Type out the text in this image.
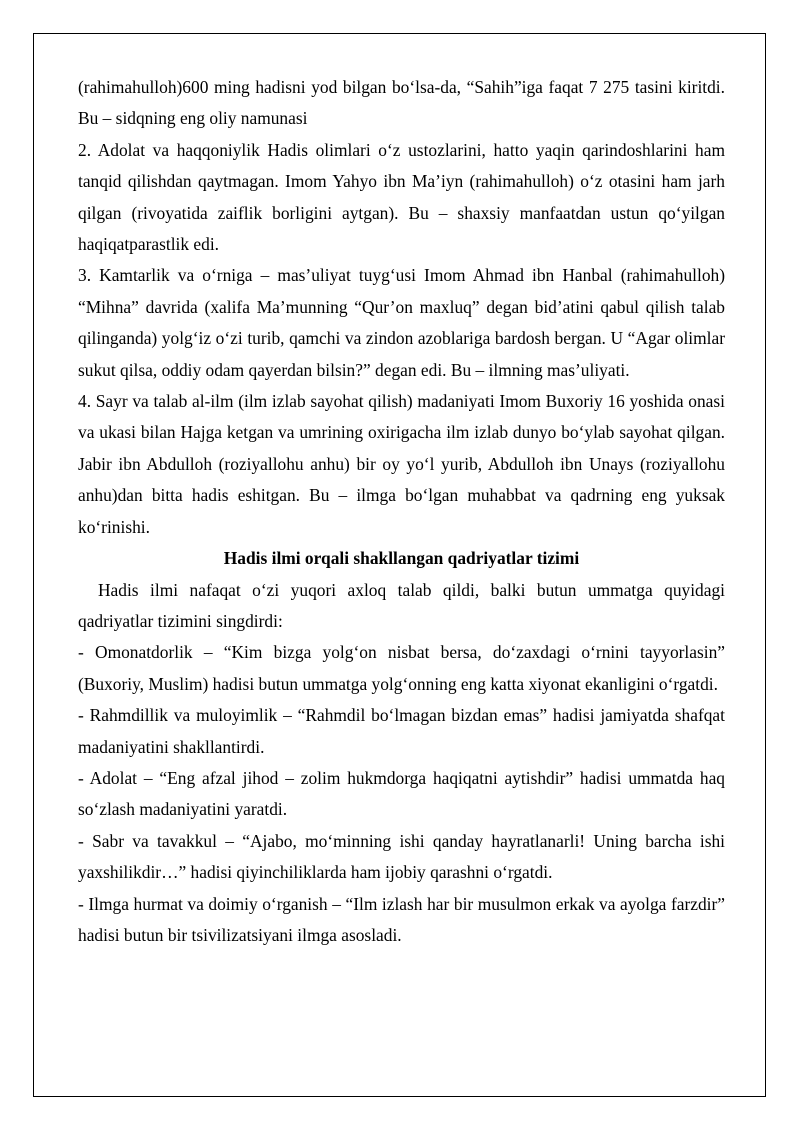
(rahimahulloh)600 ming hadisni yod bilgan bo‘lsa-da, “Sahih”iga faqat 7 275 tasini kiritdi. Bu – sidqning eng oliy namunasi

2. Adolat va haqqoniylik Hadis olimlari o‘z ustozlarini, hatto yaqin qarindoshlarini ham tanqid qilishdan qaytmagan. Imom Yahyo ibn Ma’iyn (rahimahulloh) o‘z otasini ham jarh qilgan (rivoyatida zaiflik borligini aytgan). Bu – shaxsiy manfaatdan ustun qo‘yilgan haqiqatparastlik edi.

3. Kamtarlik va o‘rniga – mas’uliyat tuyg‘usi Imom Ahmad ibn Hanbal (rahimahulloh) “Mihna” davrida (xalifa Ma’munning “Qur’on maxluq” degan bid’atini qabul qilish talab qilinganda) yolg‘iz o‘zi turib, qamchi va zindon azoblariga bardosh bergan. U “Agar olimlar sukut qilsa, oddiy odam qayerdan bilsin?” degan edi. Bu – ilmning mas’uliyati.

4. Sayr va talab al-ilm (ilm izlab sayohat qilish) madaniyati Imom Buxoriy 16 yoshida onasi va ukasi bilan Hajga ketgan va umrining oxirigacha ilm izlab dunyo bo‘ylab sayohat qilgan. Jabir ibn Abdulloh (roziyallohu anhu) bir oy yo‘l yurib, Abdulloh ibn Unays (roziyallohu anhu)dan bitta hadis eshitgan. Bu – ilmga bo‘lgan muhabbat va qadrning eng yuksak ko‘rinishi.

Hadis ilmi orqali shakllangan qadriyatlar tizimi

Hadis ilmi nafaqat o‘zi yuqori axloq talab qildi, balki butun ummatga quyidagi qadriyatlar tizimini singdirdi:

- Omonatdorlik – “Kim bizga yolg‘on nisbat bersa, do‘zaxdagi o‘rnini tayyorlasin” (Buxoriy, Muslim) hadisi butun ummatga yolg‘onning eng katta xiyonat ekanligini o‘rgatdi.

- Rahmdillik va muloyimlik – “Rahmdil bo‘lmagan bizdan emas” hadisi jamiyatda shafqat madaniyatini shakllantirdi.

- Adolat – “Eng afzal jihod – zolim hukmdorga haqiqatni aytishdir” hadisi ummatda haq so‘zlash madaniyatini yaratdi.

- Sabr va tavakkul – “Ajabo, mo‘minning ishi qanday hayratlanarli! Uning barcha ishi yaxshilikdir…” hadisi qiyinchiliklarda ham ijobiy qarashni o‘rgatdi.

- Ilmga hurmat va doimiy o‘rganish – “Ilm izlash har bir musulmon erkak va ayolga farzdir” hadisi butun bir tsivilizatsiyani ilmga asosladi.
